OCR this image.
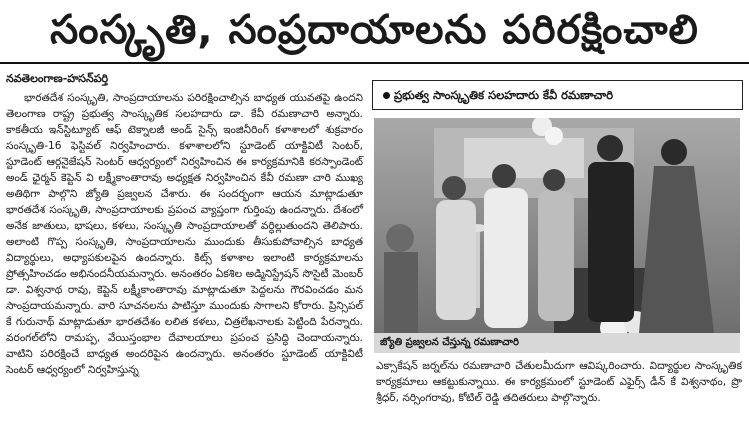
సంస్కృతి, సంప్రదాయాలను పరిరక్షించాలి
నవతెలంగాణ-హసన్‌పర్తి

భారతదేశ సంస్కృతి, సాంప్రదాయాలను పరిరక్షించాల్సిన బాధ్యత యువతపై ఉందని తెలంగాణ రాష్ట్ర ప్రభుత్వ సాంస్కృతిక సలహదారు డా. కేవీ రమణాచారి అన్నారు. కాకతీయ ఇన్‌స్టిట్యూట్ ఆఫ్ టెక్నాలజీ అండ్ సైన్స్ ఇంజినీరింగ్ కళాశాలలో శుక్రవారం సంస్కృతి-16 ఫెస్టివల్ నిర్వహించారు. కళాశాలలోని స్టూడెంట్ యాక్టివిటీ సెంటర్, స్టూడెంట్ ఆర్గనైజేషన్ సెంటర్ ఆధ్వర్యంలో నిర్వహించిన ఈ కార్యక్రమానికి కరస్పాండెంట్ అండ్ ఛైర్మన్ కెప్టెన్ వి లక్ష్మీకాంతారావు అధ్యక్షత నిర్వహించిన కేవీ రమణా చారి ముఖ్య అతిథిగా పాల్గొని జ్యోతి ప్రజ్వలన చేశారు. ఈ సందర్భంగా ఆయన మాట్లాడుతూ భారతదేశ సంస్కృతి, సాంప్రదాయాలకు ప్రపంచ వ్యాప్తంగా గుర్తింపు ఉందన్నారు. దేశంలో అనేక జాతులు, భాషలు, కళలు, సంస్కృతి సాంప్రదాయాలతో వర్ధిల్లుతుందని తెలిపారు. అలాంటి గొప్ప సంస్కృతి, సాంప్రదాయాలను ముందుకు తీసుకుపోవాల్సిన బాధ్యత విద్యార్థులు, అధ్యాపకులపైన ఉందన్నారు. కిట్స్ కళాశాల ఇలాంటి కార్యక్రమాలను ప్రోత్సహించడం అభినందనీయమన్నారు. అనంతరం ఏకశిల అడ్మినిస్ట్రేషన్ సొసైటీ మెంబర్ డా. విశ్వనాథ రావు, కెప్టెన్ లక్ష్మీకాంతారావు మాట్లాడుతూ పెద్దలను గౌరవించడం మన సాంప్రదాయమన్నారు. వారి సూచనలను పాటిస్తూ ముందుకు సాగాలని కోరారు. ప్రిన్సిపల్ కే గురునాథ్ మాట్లాడుతూ భారతదేశం లలిత కళలు, చిత్రలేఖనాలకు పెట్టింది పేరన్నారు. వరంగల్‌లోని రామప్ప, వేయిస్తంభాల దేవాలయాలు ప్రపంచ ప్రసిద్ధి చెందాయన్నారు. వాటిని పరిరక్షించే బాధ్యత అందరిపైన ఉందన్నారు. అనంతరం స్టూడెంట్ యాక్టివిటీ సెంటర్ ఆధ్వర్యంలో నిర్వహిస్తున్న

ప్రభుత్వ సాంస్కృతిక సలహదారు కేవీ రమణాచారి
జ్యోతి ప్రజ్వలన చేస్తున్న రమణాచారి

ఎక్సాకేషన్ జర్నల్‌ను రమణాచారి చేతులమీదుగా ఆవిష్కరించారు. విద్యార్థుల సాంస్కృతిక కార్యక్రమాలు ఆకట్టుకున్నాయి. ఈ కార్యక్రమంలో స్టూడెంట్ ఎఫైర్స్ డీన్ కే విశ్వనాథం, ప్రొ శ్రీధర్, నర్సింగరావు, కోటిల్ రెడ్డి తదితరులు పాల్గొన్నారు.
